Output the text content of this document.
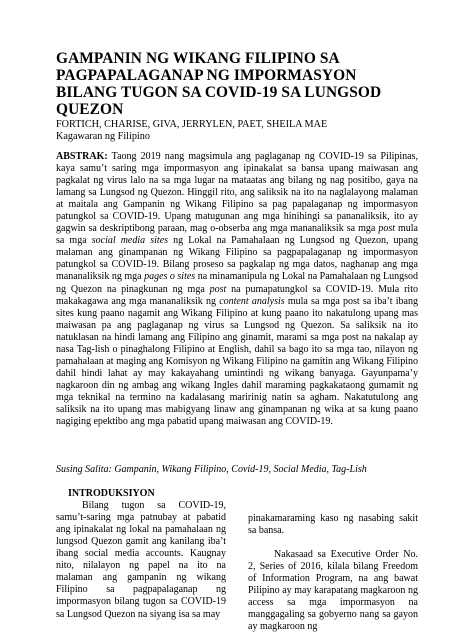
GAMPANIN NG WIKANG FILIPINO SA
PAGPAPALAGANAP NG IMPORMASYON
BILANG TUGON SA COVID-19 SA LUNGSOD
QUEZON
FORTICH, CHARISE, GIVA, JERRYLEN, PAET, SHEILA MAE
Kagawaran ng Filipino
ABSTRAK: Taong 2019 nang magsimula ang paglaganap ng COVID-19 sa Pilipinas, kaya samu’t saring mga impormasyon ang ipinakalat sa bansa upang maiwasan ang pagkalat ng virus lalo na sa mga lugar na mataatas ang bilang ng nag positibo, gaya na lamang sa Lungsod ng Quezon. Hinggil rito, ang saliksik na ito na naglalayong malaman at maitala ang Gampanin ng Wikang Filipino sa pag papalaganap ng impormasyon patungkol sa COVID-19. Upang matugunan ang mga hinihingi sa pananaliksik, ito ay gagwin sa deskriptibong paraan, mag o-obserba ang mga mananaliksik sa mga post mula sa mga social media sites ng Lokal na Pamahalaan ng Lungsod ng Quezon, upang malaman ang ginampanan ng Wikang Filipino sa pagpapalaganap ng impormasyon patungkol sa COVID-19. Bilang proseso sa pagkalap ng mga datos, naghanap ang mga mananaliksik ng mga pages o sites na minamanipula ng Lokal na Pamahalaan ng Lungsod ng Quezon na pinagkunan ng mga post na pumapatungkol sa COVID-19. Mula rito makakagawa ang mga mananaliksik ng content analysis mula sa mga post sa iba’t ibang sites kung paano nagamit ang Wikang Filipino at kung paano ito nakatulong upang mas maiwasan pa ang paglaganap ng virus sa Lungsod ng Quezon. Sa saliksik na ito natuklasan na hindi lamang ang Filipino ang ginamit, marami sa mga post na nakalap ay nasa Tag-lish o pinaghalong Filipino at English, dahil sa bago ito sa mga tao, nilayon ng pamahalaan at maging ang Komisyon ng Wikang Filipino na gamitin ang Wikang Filipino dahil hindi lahat ay may kakayahang umintindi ng wikang banyaga. Gayunpama’y nagkaroon din ng ambag ang wikang Ingles dahil maraming pagkakataong gumamit ng mga teknikal na termino na kadalasang maririnig natin sa agham. Nakatutulong ang saliksik na ito upang mas mabigyang linaw ang ginampanan ng wika at sa kung paano nagiging epektibo ang mga pabatid upang maiwasan ang COVID-19.
Susing Salita: Gampanin, Wikang Filipino, Covid-19, Social Media, Tag-Lish
INTRODUKSIYON

Bilang tugon sa COVID-19, samu’t-saring mga patnubay at pabatid ang ipinakalat ng lokal na pamahalaan ng lungsod Quezon gamit ang kanilang iba’t ibang social media accounts. Kaugnay nito, nilalayon ng papel na ito na malaman ang gampanin ng wikang Filipino sa pagpapalaganap ng impormasyon bilang tugon sa COVID-19 sa Lungsod Quezon na siyang isa sa may

pinakamaraming kaso ng nasabing sakit sa bansa.

Nakasaad sa Executive Order No. 2, Series of 2016, kilala bilang Freedom of Information Program, na ang bawat Pilipino ay may karapatang magkaroon ng access sa mga impormasyon na manggagaling sa gobyerno nang sa gayon ay magkaroon ng
